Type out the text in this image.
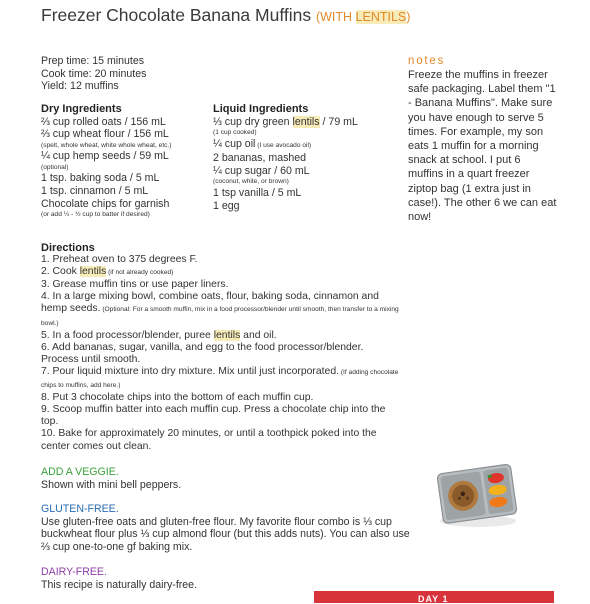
Freezer Chocolate Banana Muffins (WITH LENTILS)
Prep time: 15 minutes
Cook time: 20 minutes
Yield: 12 muffins
Dry Ingredients
⅔ cup rolled oats / 156 mL
⅔ cup wheat flour / 156 mL
(spelt, whole wheat, white whole wheat, etc.)
¼ cup hemp seeds / 59 mL
(optional)
1 tsp. baking soda / 5 mL
1 tsp. cinnamon / 5 mL
Chocolate chips for garnish
(or add ¼ - ½ cup to batter if desired)
Liquid Ingredients
⅓ cup dry green lentils / 79 mL
(1 cup cooked)
¼ cup oil (I use avocado oil)
2 bananas, mashed
¼ cup sugar / 60 mL
(coconut, white, or brown)
1 tsp vanilla / 5 mL
1 egg
Directions
1. Preheat oven to 375 degrees F.
2. Cook lentils (if not already cooked)
3. Grease muffin tins or use paper liners.
4. In a large mixing bowl, combine oats, flour, baking soda, cinnamon and hemp seeds. (Optional: For a smooth muffin, mix in a food processor/blender until smooth, then transfer to a mixing bowl.)
5. In a food processor/blender, puree lentils and oil.
6. Add bananas, sugar, vanilla, and egg to the food processor/blender. Process until smooth.
7. Pour liquid mixture into dry mixture. Mix until just incorporated. (If adding chocolate chips to muffins, add here.)
8. Put 3 chocolate chips into the bottom of each muffin cup.
9. Scoop muffin batter into each muffin cup. Press a chocolate chip into the top.
10. Bake for approximately 20 minutes, or until a toothpick poked into the center comes out clean.
ADD A VEGGIE.
Shown with mini bell peppers.
GLUTEN-FREE.
Use gluten-free oats and gluten-free flour. My favorite flour combo is ⅓ cup buckwheat flour plus ⅓ cup almond flour (but this adds nuts). You can also use ⅔ cup one-to-one gf baking mix.
DAIRY-FREE.
This recipe is naturally dairy-free.
notes
Freeze the muffins in freezer safe packaging. Label them "1 - Banana Muffins". Make sure you have enough to serve 5 times. For example, my son eats 1 muffin for a morning snack at school. I put 6 muffins in a quart freezer ziptop bag (1 extra just in case!). The other 6 we can eat now!
DAY 1
